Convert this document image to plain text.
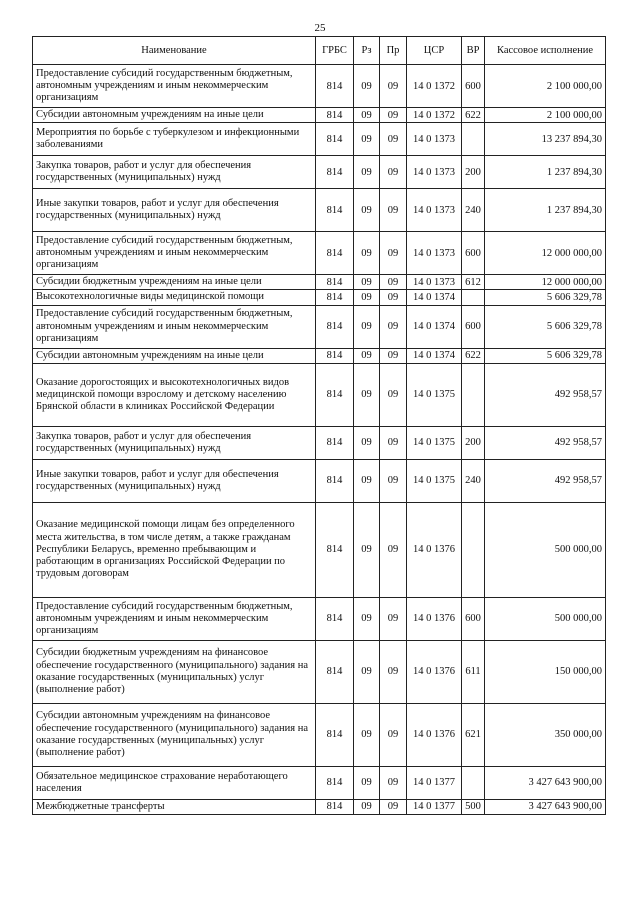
25
Наименование	ГРБС	Рз	Пр	ЦСР	ВР	Кассовое исполнение
Предоставление субсидий государственным бюджетным, автономным учреждениям и иным некоммерческим организациям	814	09	09	14 0 1372	600	2 100 000,00
Субсидии автономным учреждениям на иные цели	814	09	09	14 0 1372	622	2 100 000,00
Мероприятия по борьбе с туберкулезом и инфекционными заболеваниями	814	09	09	14 0 1373		13 237 894,30
Закупка товаров, работ и услуг для обеспечения государственных (муниципальных) нужд	814	09	09	14 0 1373	200	1 237 894,30
Иные закупки товаров, работ и услуг для обеспечения государственных (муниципальных) нужд	814	09	09	14 0 1373	240	1 237 894,30
Предоставление субсидий государственным бюджетным, автономным учреждениям и иным некоммерческим организациям	814	09	09	14 0 1373	600	12 000 000,00
Субсидии бюджетным учреждениям на иные цели	814	09	09	14 0 1373	612	12 000 000,00
Высокотехнологичные виды медицинской помощи	814	09	09	14 0 1374		5 606 329,78
Предоставление субсидий государственным бюджетным, автономным учреждениям и иным некоммерческим организациям	814	09	09	14 0 1374	600	5 606 329,78
Субсидии автономным учреждениям на иные цели	814	09	09	14 0 1374	622	5 606 329,78
Оказание дорогостоящих и высокотехнологичных видов медицинской помощи взрослому и детскому населению Брянской области в клиниках Российской Федерации	814	09	09	14 0 1375		492 958,57
Закупка товаров, работ и услуг для обеспечения государственных (муниципальных) нужд	814	09	09	14 0 1375	200	492 958,57
Иные закупки товаров, работ и услуг для обеспечения государственных (муниципальных) нужд	814	09	09	14 0 1375	240	492 958,57
Оказание медицинской помощи лицам без определенного места жительства, в том числе детям, а также гражданам Республики Беларусь, временно пребывающим и работающим в организациях Российской Федерации по трудовым договорам	814	09	09	14 0 1376		500 000,00
Предоставление субсидий государственным бюджетным, автономным учреждениям и иным некоммерческим организациям	814	09	09	14 0 1376	600	500 000,00
Субсидии бюджетным учреждениям на финансовое обеспечение государственного (муниципального) задания на оказание государственных (муниципальных) услуг (выполнение работ)	814	09	09	14 0 1376	611	150 000,00
Субсидии автономным учреждениям на финансовое обеспечение государственного (муниципального) задания на оказание государственных (муниципальных) услуг (выполнение работ)	814	09	09	14 0 1376	621	350 000,00
Обязательное медицинское страхование неработающего населения	814	09	09	14 0 1377		3 427 643 900,00
Межбюджетные трансферты	814	09	09	14 0 1377	500	3 427 643 900,00
